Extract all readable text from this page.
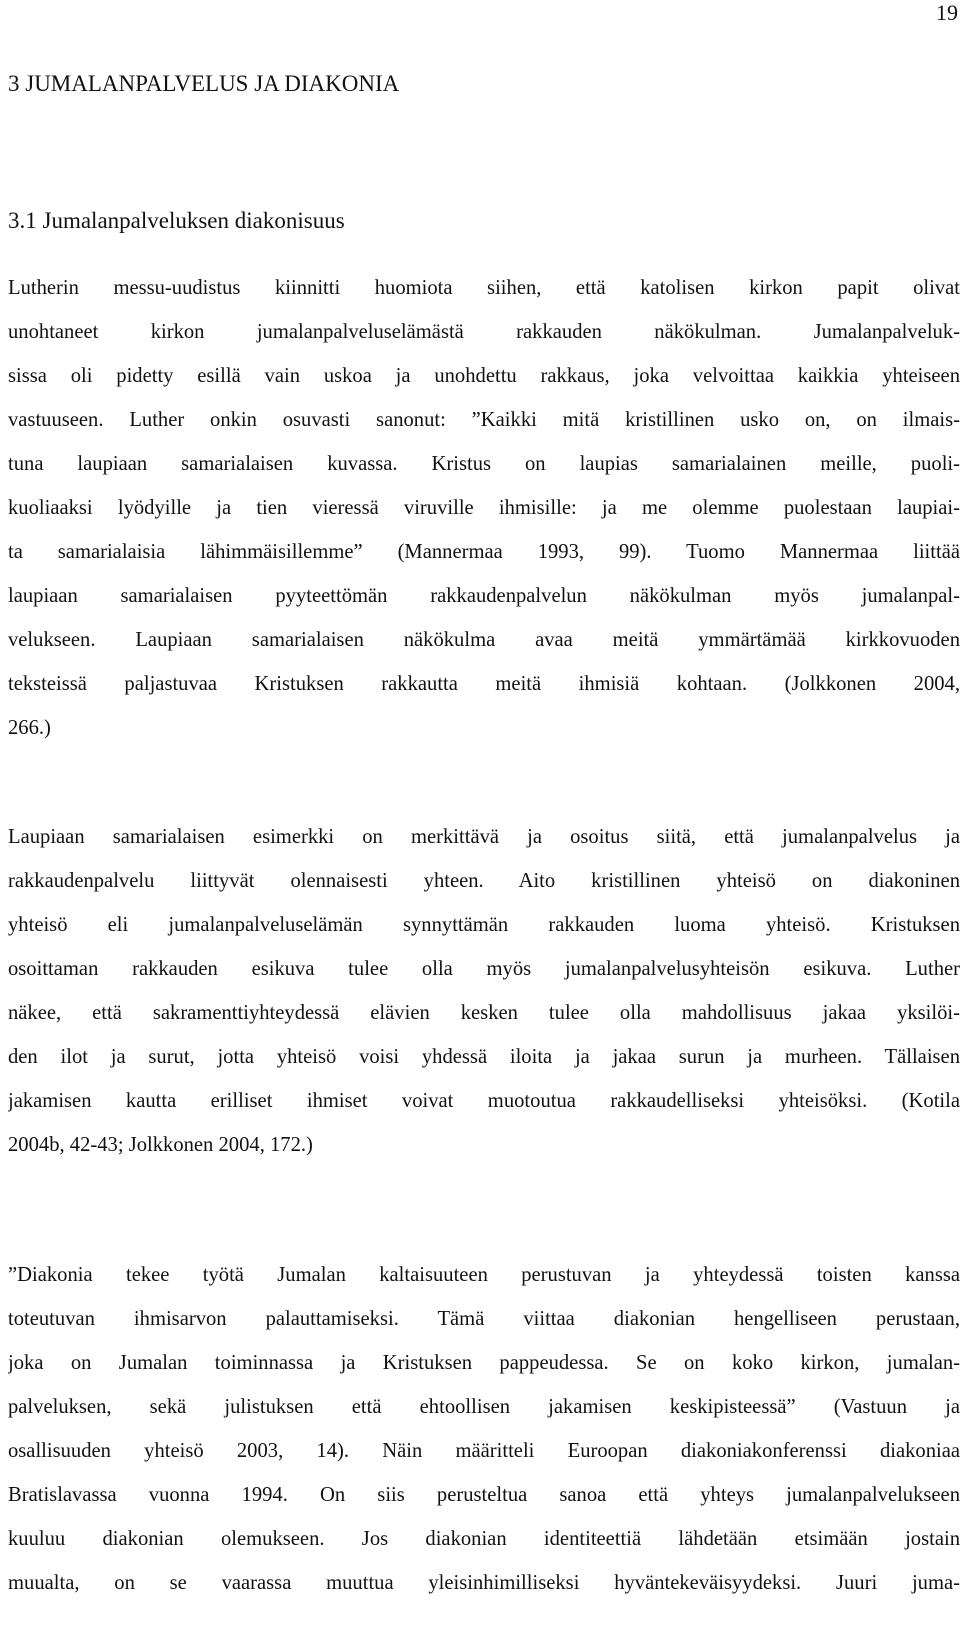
19
3 JUMALANPALVELUS JA DIAKONIA
3.1 Jumalanpalveluksen diakonisuus
Lutherin messu-uudistus kiinnitti huomiota siihen, että katolisen kirkon papit olivat
unohtaneet kirkon jumalanpalveluselämästä rakkauden näkökulman. Jumalanpalveluk-
sissa oli pidetty esillä vain uskoa ja unohdettu rakkaus, joka velvoittaa kaikkia yhteiseen
vastuuseen. Luther onkin osuvasti sanonut: ”Kaikki mitä kristillinen usko on, on ilmais-
tuna laupiaan samarialaisen kuvassa. Kristus on laupias samarialainen meille, puoli-
kuoliaaksi lyödyille ja tien vieressä viruville ihmisille: ja me olemme puolestaan laupiai-
ta samarialaisia lähimmäisillemme” (Mannermaa 1993, 99). Tuomo Mannermaa liittää
laupiaan samarialaisen pyyteettömän rakkaudenpalvelun näkökulman myös jumalanpal-
velukseen. Laupiaan samarialaisen näkökulma avaa meitä ymmärtämää kirkkovuoden
teksteissä paljastuvaa Kristuksen rakkautta meitä ihmisiä kohtaan. (Jolkkonen 2004,
266.)
Laupiaan samarialaisen esimerkki on merkittävä ja osoitus siitä, että jumalanpalvelus ja
rakkaudenpalvelu liittyvät olennaisesti yhteen. Aito kristillinen yhteisö on diakoninen
yhteisö eli jumalanpalveluselämän synnyttämän rakkauden luoma yhteisö. Kristuksen
osoittaman rakkauden esikuva tulee olla myös jumalanpalvelusyhteisön esikuva. Luther
näkee, että sakramenttiyhteydessä elävien kesken tulee olla mahdollisuus jakaa yksilöi-
den ilot ja surut, jotta yhteisö voisi yhdessä iloita ja jakaa surun ja murheen. Tällaisen
jakamisen kautta erilliset ihmiset voivat muotoutua rakkaudelliseksi yhteisöksi. (Kotila
2004b, 42-43; Jolkkonen 2004, 172.)
”Diakonia tekee työtä Jumalan kaltaisuuteen perustuvan ja yhteydessä toisten kanssa
toteutuvan ihmisarvon palauttamiseksi. Tämä viittaa diakonian hengelliseen perustaan,
joka on Jumalan toiminnassa ja Kristuksen pappeudessa. Se on koko kirkon, jumalan-
palveluksen, sekä julistuksen että ehtoollisen jakamisen keskipisteessä” (Vastuun ja
osallisuuden yhteisö 2003, 14). Näin määritteli Euroopan diakoniakonferenssi diakoniaa
Bratislavassa vuonna 1994. On siis perusteltua sanoa että yhteys jumalanpalvelukseen
kuuluu diakonian olemukseen. Jos diakonian identiteettiä lähdetään etsimään jostain
muualta, on se vaarassa muuttua yleisinhimilliseksi hyväntekeväisyydeksi. Juuri juma-
